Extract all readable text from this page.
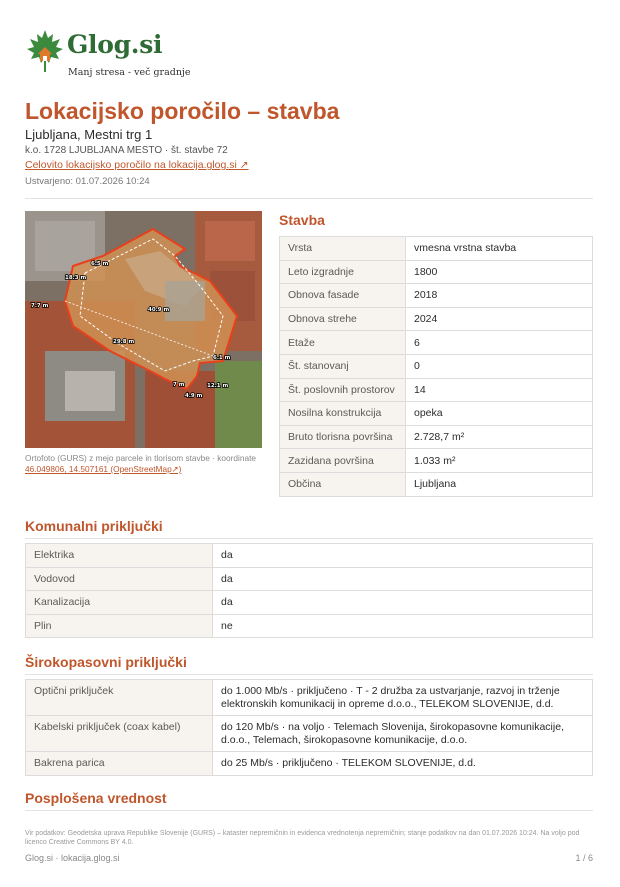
Glog.si
Manj stresa - več gradnje
Lokacijsko poročilo – stavba
Ljubljana, Mestni trg 1
k.o. 1728 LJUBLJANA MESTO · št. stavbe 72
Celovito lokacijsko poročilo na lokacija.glog.si ↗
Ustvarjeno: 01.07.2026 10:24
6.5 m
18.3 m
40.9 m
7.7 m
29.8 m
6.1 m
7 m	12.1 m
4.9 m
Ortofoto (GURS) z mejo parcele in tlorisom stavbe · koordinate
46.049806, 14.507161 (OpenStreetMap↗)
Stavba
Vrsta	vmesna vrstna stavba
Leto izgradnje	1800
Obnova fasade	2018
Obnova strehe	2024
Etaže	6
Št. stanovanj	0
Št. poslovnih prostorov	14
Nosilna konstrukcija	opeka
Bruto tlorisna površina	2.728,7 m²
Zazidana površina	1.033 m²
Občina	Ljubljana
Komunalni priključki
Elektrika	da
Vodovod	da
Kanalizacija	da
Plin	ne
Širokopasovni priključki
Optični priključek	do 1.000 Mb/s · priključeno · T - 2 družba za ustvarjanje, razvoj in trženje elektronskih komunikacij in opreme d.o.o., TELEKOM SLOVENIJE, d.d.
Kabelski priključek (coax kabel)	do 120 Mb/s · na voljo · Telemach Slovenija, širokopasovne komunikacije, d.o.o., Telemach, širokopasovne komunikacije, d.o.o.
Bakrena parica	do 25 Mb/s · priključeno · TELEKOM SLOVENIJE, d.d.
Posplošena vrednost
Vir podatkov: Geodetska uprava Republike Slovenije (GURS) – kataster nepremičnin in evidenca vrednotenja nepremičnin; stanje podatkov na dan 01.07.2026 10:24. Na voljo pod licenco Creative Commons BY 4.0.
Glog.si · lokacija.glog.si	1 / 6
